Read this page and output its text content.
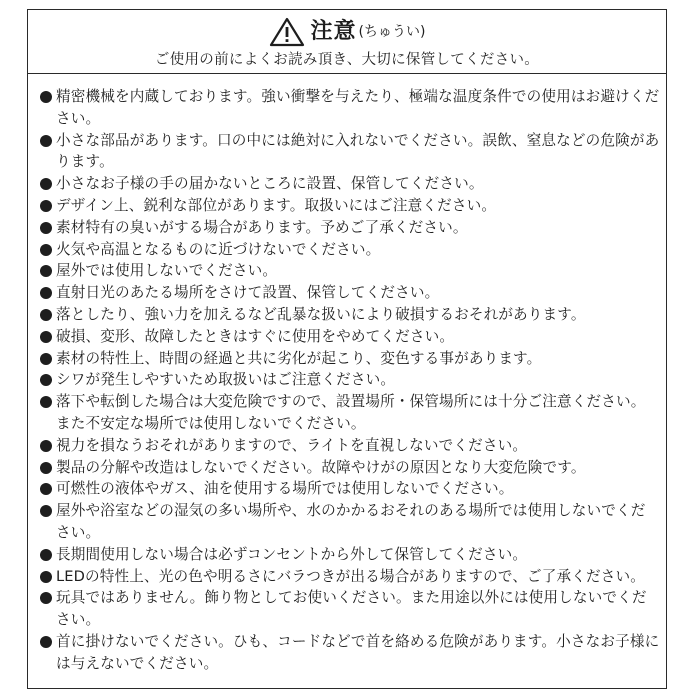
注意 (ちゅうい)
ご使用の前によくお読み頂き、大切に保管してください。
精密機械を内蔵しております。強い衝撃を与えたり、極端な温度条件での使用はお避けください。
小さな部品があります。口の中には絶対に入れないでください。誤飲、窒息などの危険があります。
小さなお子様の手の届かないところに設置、保管してください。
デザイン上、鋭利な部位があります。取扱いにはご注意ください。
素材特有の臭いがする場合があります。予めご了承ください。
火気や高温となるものに近づけないでください。
屋外では使用しないでください。
直射日光のあたる場所をさけて設置、保管してください。
落としたり、強い力を加えるなど乱暴な扱いにより破損するおそれがあります。
破損、変形、故障したときはすぐに使用をやめてください。
素材の特性上、時間の経過と共に劣化が起こり、変色する事があります。
シワが発生しやすいため取扱いはご注意ください。
落下や転倒した場合は大変危険ですので、設置場所・保管場所には十分ご注意ください。また不安定な場所では使用しないでください。
視力を損なうおそれがありますので、ライトを直視しないでください。
製品の分解や改造はしないでください。故障やけがの原因となり大変危険です。
可燃性の液体やガス、油を使用する場所では使用しないでください。
屋外や浴室などの湿気の多い場所や、水のかかるおそれのある場所では使用しないでください。
長期間使用しない場合は必ずコンセントから外して保管してください。
LEDの特性上、光の色や明るさにバラつきが出る場合がありますので、ご了承ください。
玩具ではありません。飾り物としてお使いください。また用途以外には使用しないでください。
首に掛けないでください。ひも、コードなどで首を絡める危険があります。小さなお子様には与えないでください。
